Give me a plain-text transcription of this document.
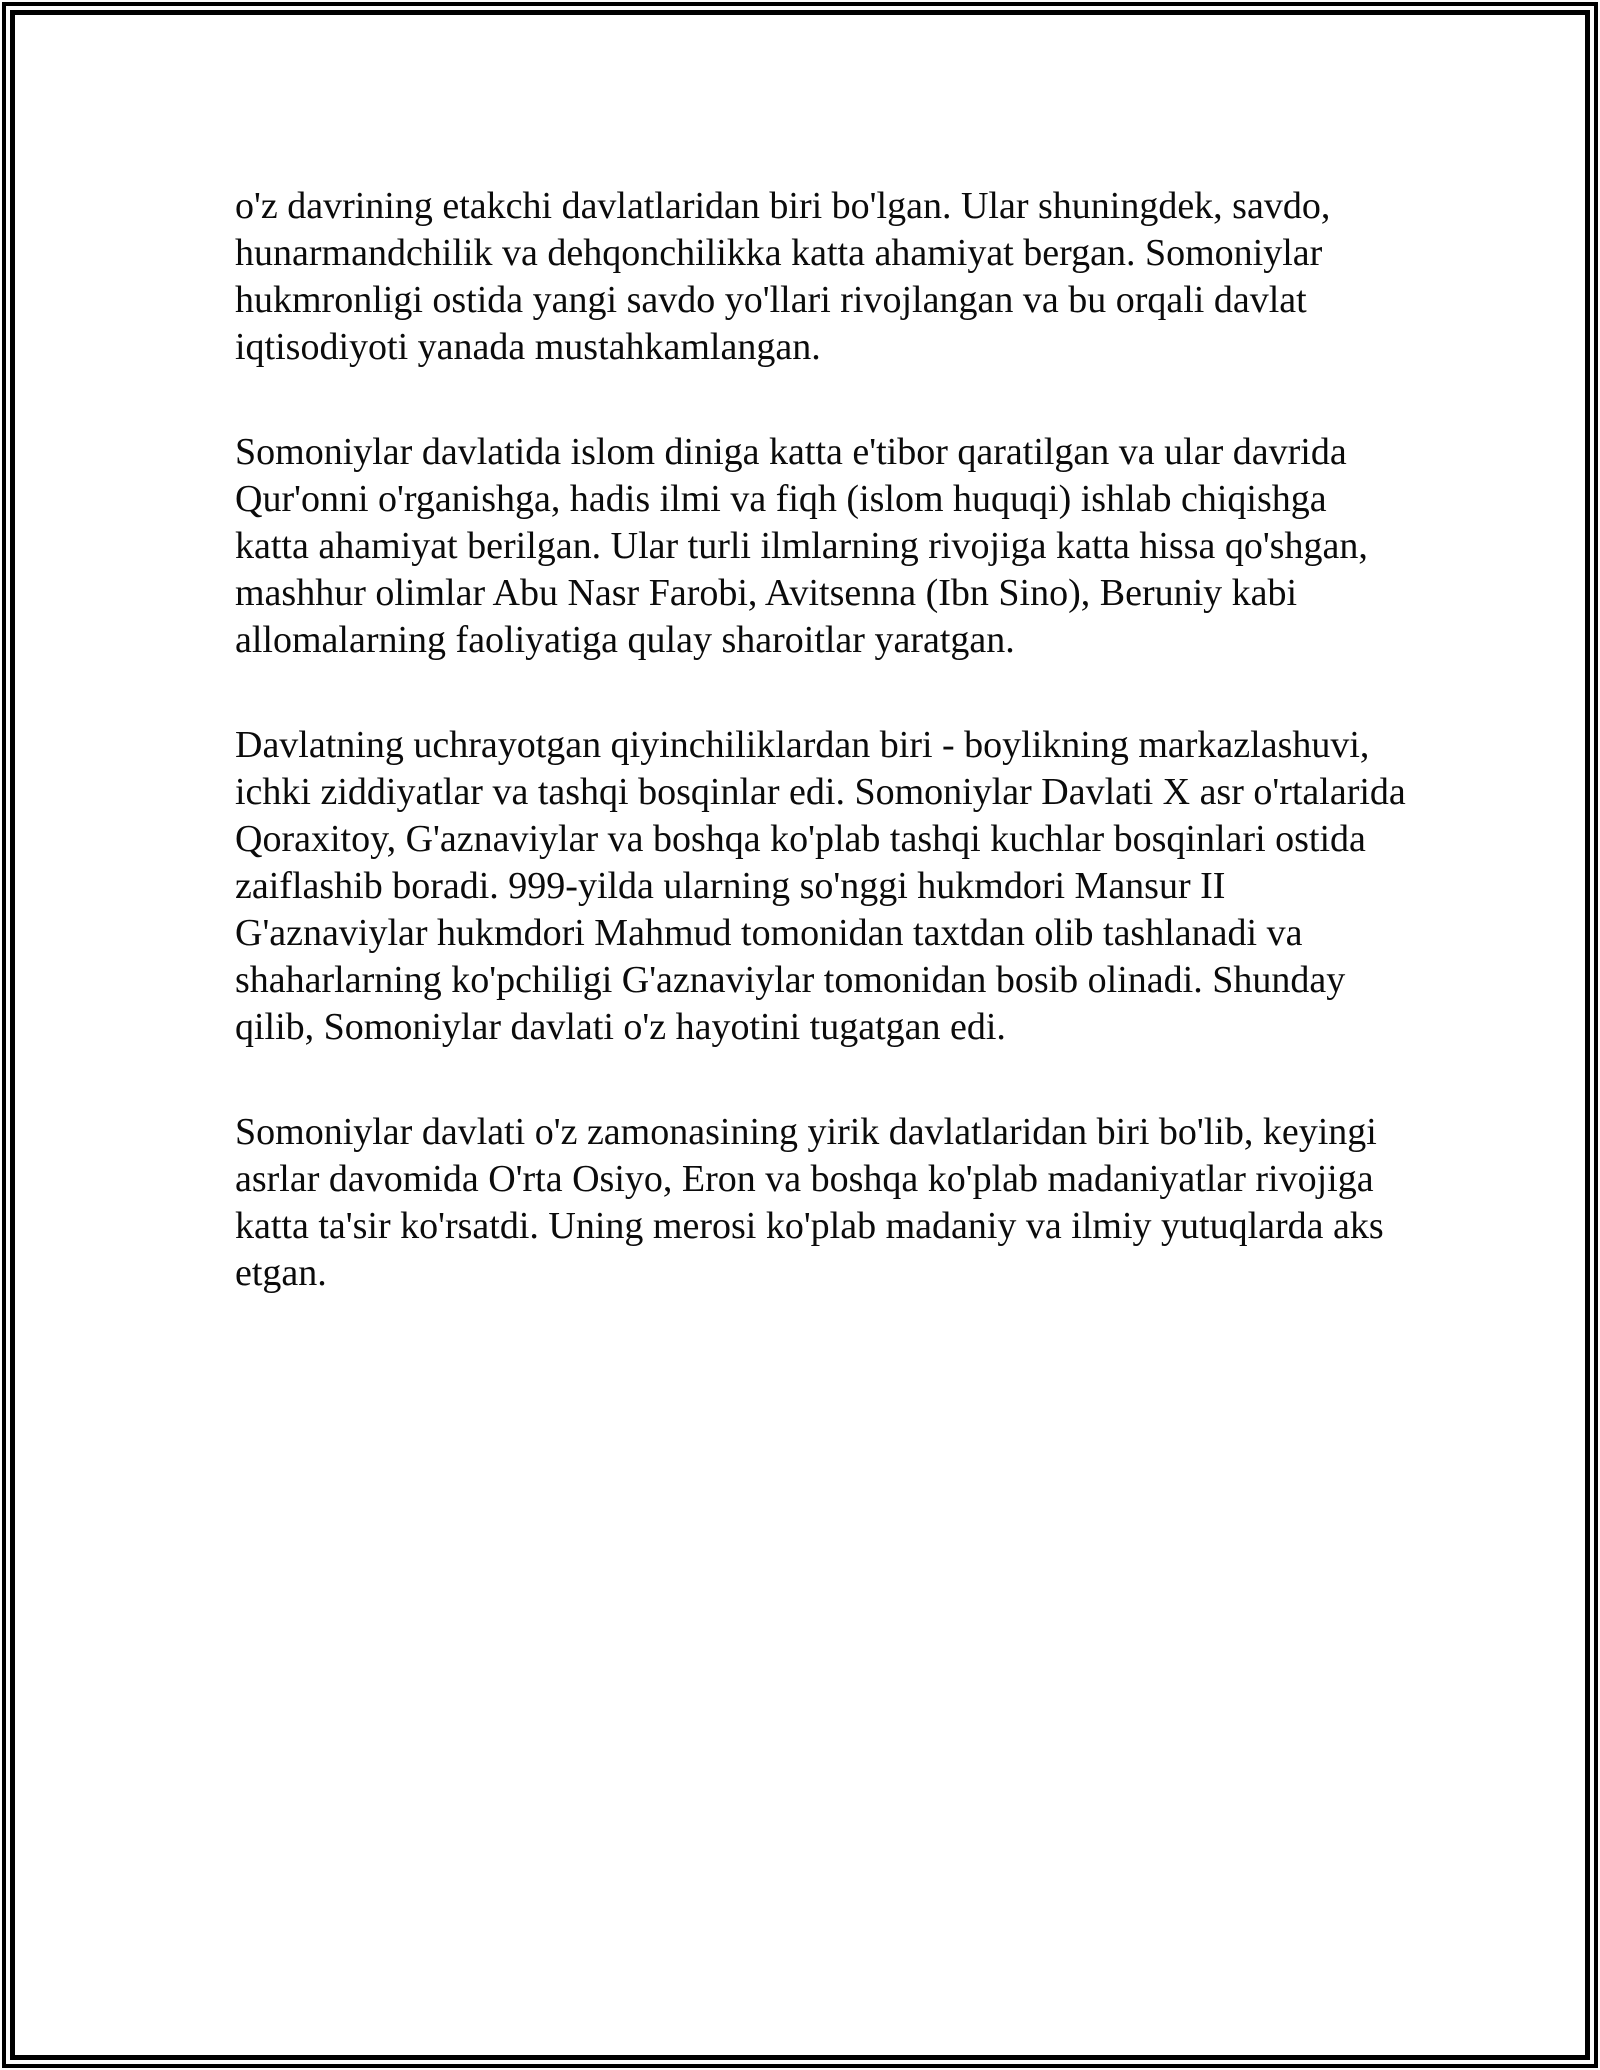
o'z davrining etakchi davlatlaridan biri bo'lgan. Ular shuningdek, savdo,
hunarmandchilik va dehqonchilikka katta ahamiyat bergan. Somoniylar
hukmronligi ostida yangi savdo yo'llari rivojlangan va bu orqali davlat
iqtisodiyoti yanada mustahkamlangan.

Somoniylar davlatida islom diniga katta e'tibor qaratilgan va ular davrida
Qur'onni o'rganishga, hadis ilmi va fiqh (islom huquqi) ishlab chiqishga
katta ahamiyat berilgan. Ular turli ilmlarning rivojiga katta hissa qo'shgan,
mashhur olimlar Abu Nasr Farobi, Avitsenna (Ibn Sino), Beruniy kabi
allomalarning faoliyatiga qulay sharoitlar yaratgan.

Davlatning uchrayotgan qiyinchiliklardan biri - boylikning markazlashuvi,
ichki ziddiyatlar va tashqi bosqinlar edi. Somoniylar Davlati X asr o'rtalarida
Qoraxitoy, G'aznaviylar va boshqa ko'plab tashqi kuchlar bosqinlari ostida
zaiflashib boradi. 999-yilda ularning so'nggi hukmdori Mansur II
G'aznaviylar hukmdori Mahmud tomonidan taxtdan olib tashlanadi va
shaharlarning ko'pchiligi G'aznaviylar tomonidan bosib olinadi. Shunday
qilib, Somoniylar davlati o'z hayotini tugatgan edi.

Somoniylar davlati o'z zamonasining yirik davlatlaridan biri bo'lib, keyingi
asrlar davomida O'rta Osiyo, Eron va boshqa ko'plab madaniyatlar rivojiga
katta ta'sir ko'rsatdi. Uning merosi ko'plab madaniy va ilmiy yutuqlarda aks
etgan.
